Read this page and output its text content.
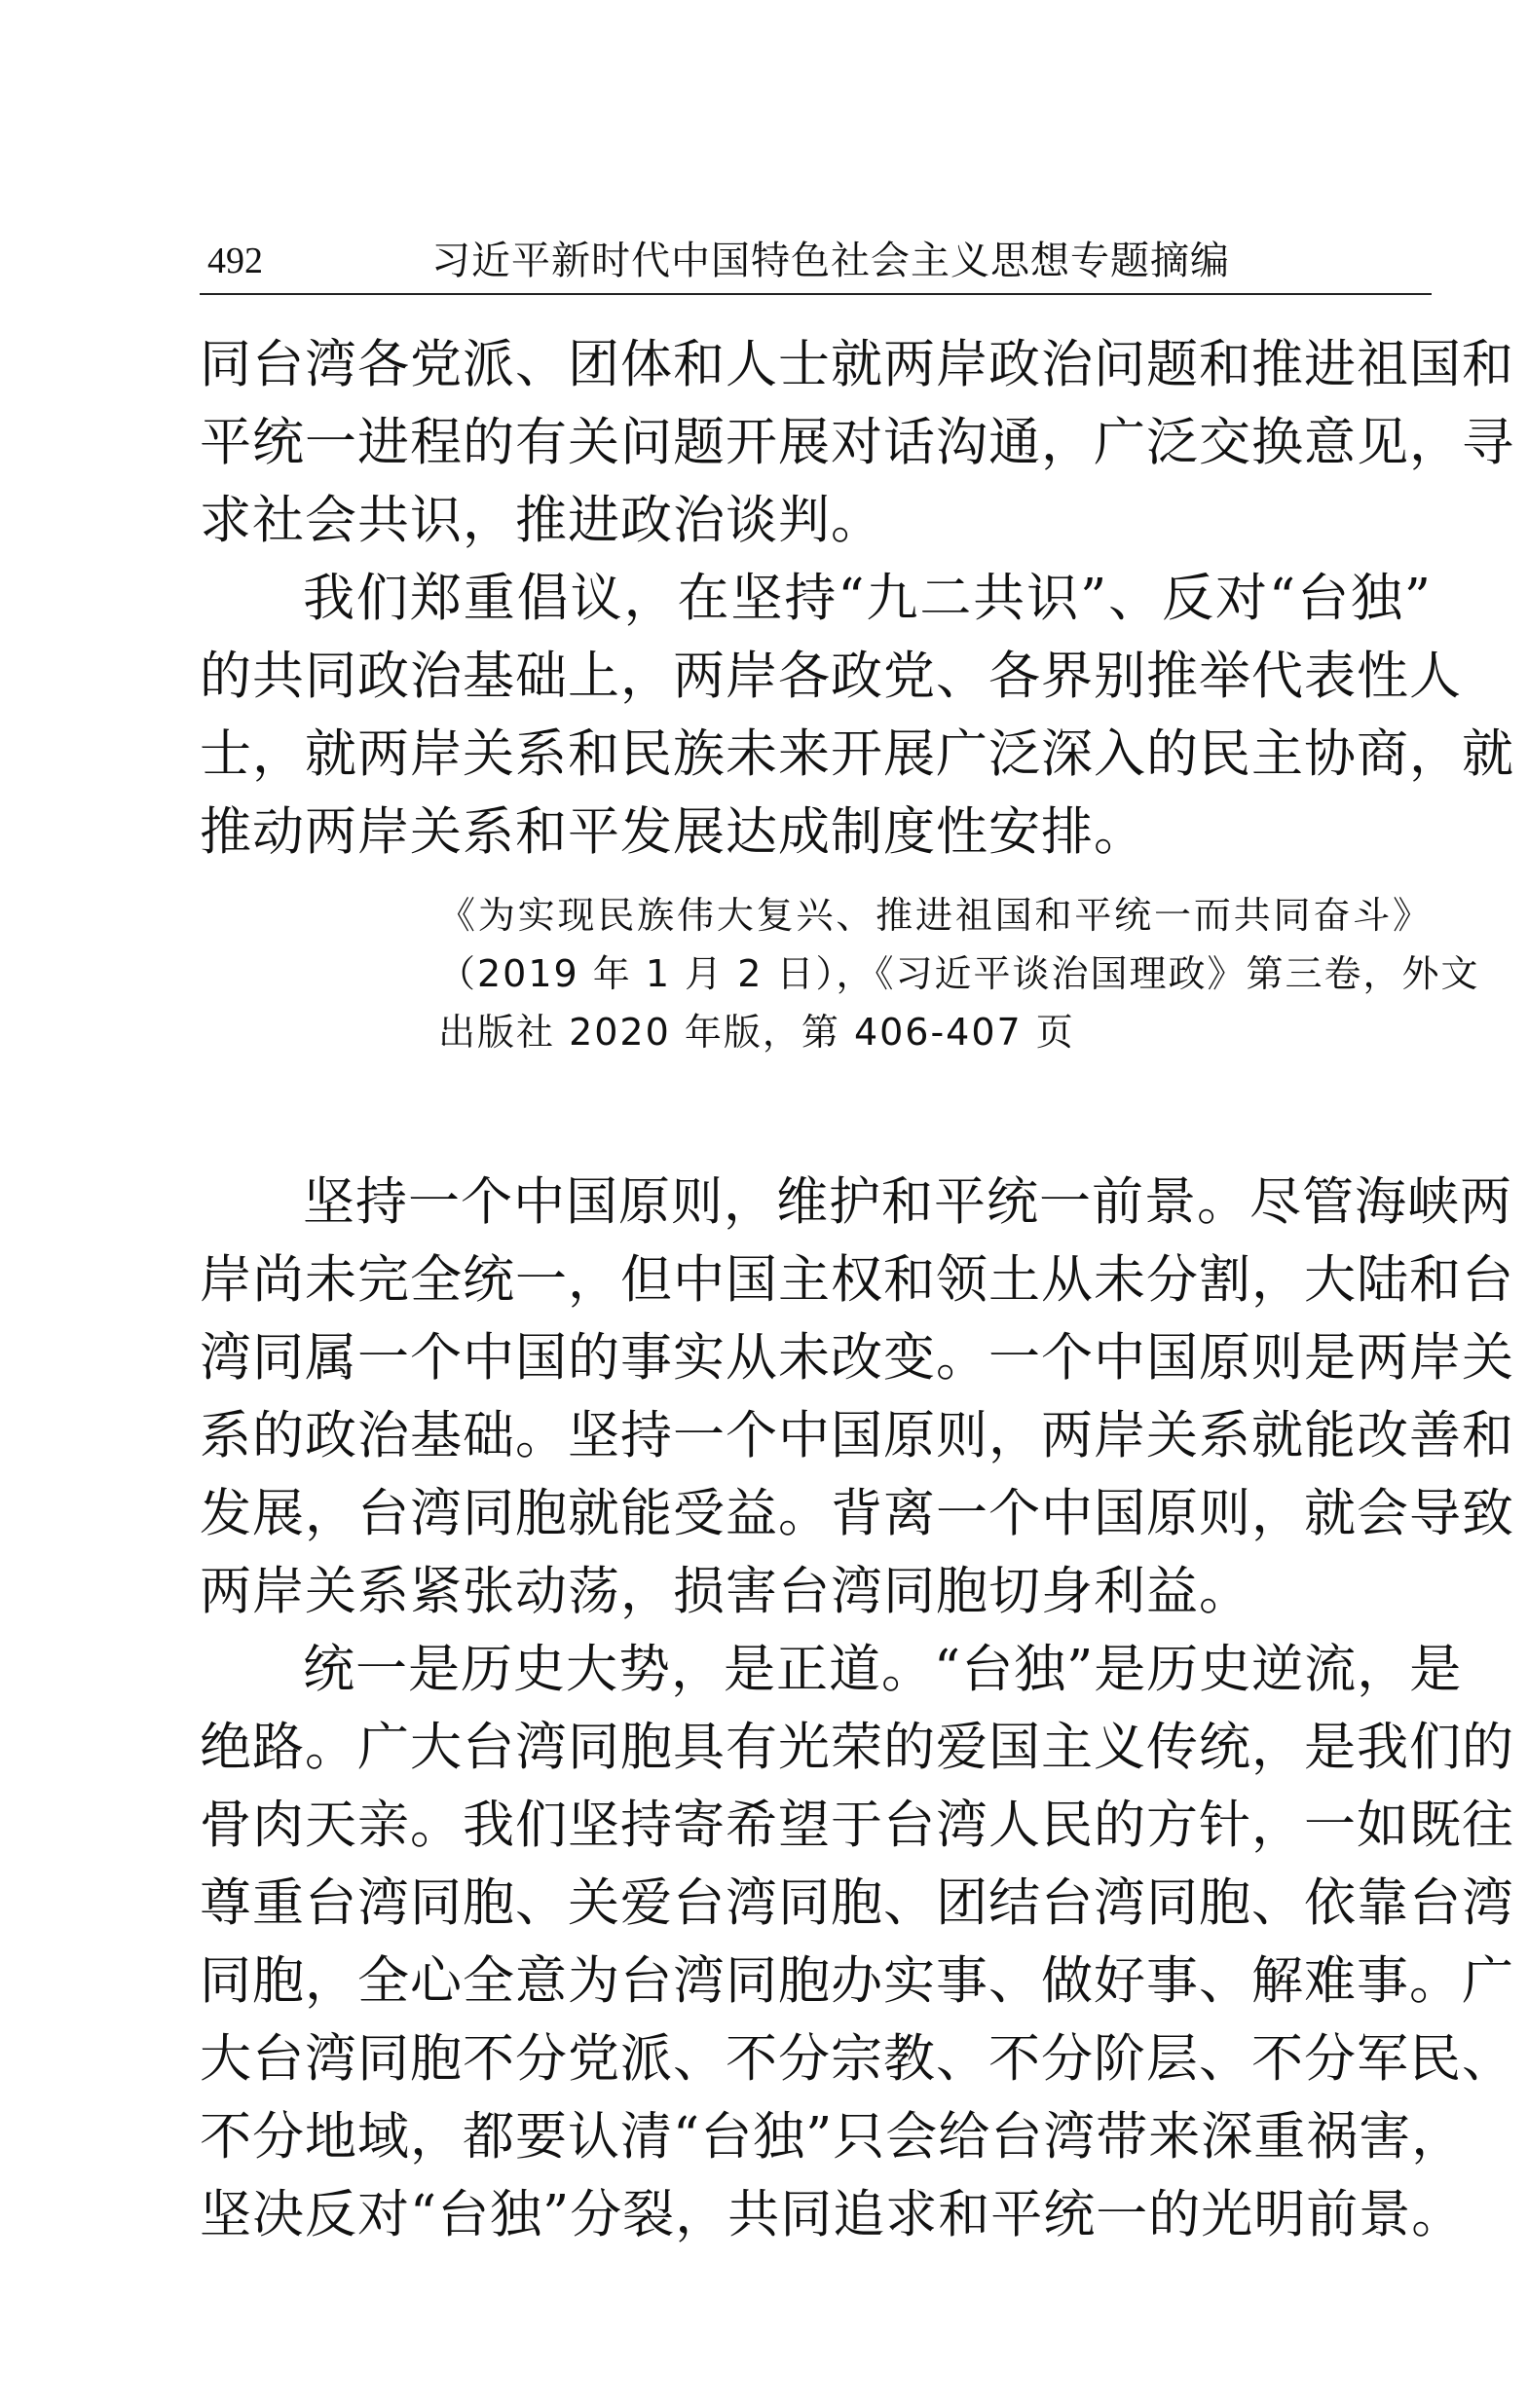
492	习近平新时代中国特色社会主义思想专题摘编

同台湾各党派、团体和人士就两岸政治问题和推进祖国和
平统一进程的有关问题开展对话沟通，广泛交换意见，寻
求社会共识，推进政治谈判。

我们郑重倡议，在坚持“九二共识”、反对“台独”
的共同政治基础上，两岸各政党、各界别推举代表性人
士，就两岸关系和民族未来开展广泛深入的民主协商，就
推动两岸关系和平发展达成制度性安排。

《为实现民族伟大复兴、推进祖国和平统一而共同奋斗》
（2019 年 1 月 2 日），《习近平谈治国理政》第三卷，外文
出版社 2020 年版，第 406-407 页

坚持一个中国原则，维护和平统一前景。尽管海峡两
岸尚未完全统一，但中国主权和领土从未分割，大陆和台
湾同属一个中国的事实从未改变。一个中国原则是两岸关
系的政治基础。坚持一个中国原则，两岸关系就能改善和
发展，台湾同胞就能受益。背离一个中国原则，就会导致
两岸关系紧张动荡，损害台湾同胞切身利益。

统一是历史大势，是正道。“台独”是历史逆流，是
绝路。广大台湾同胞具有光荣的爱国主义传统，是我们的
骨肉天亲。我们坚持寄希望于台湾人民的方针，一如既往
尊重台湾同胞、关爱台湾同胞、团结台湾同胞、依靠台湾
同胞，全心全意为台湾同胞办实事、做好事、解难事。广
大台湾同胞不分党派、不分宗教、不分阶层、不分军民、
不分地域，都要认清“台独”只会给台湾带来深重祸害，
坚决反对“台独”分裂，共同追求和平统一的光明前景。
